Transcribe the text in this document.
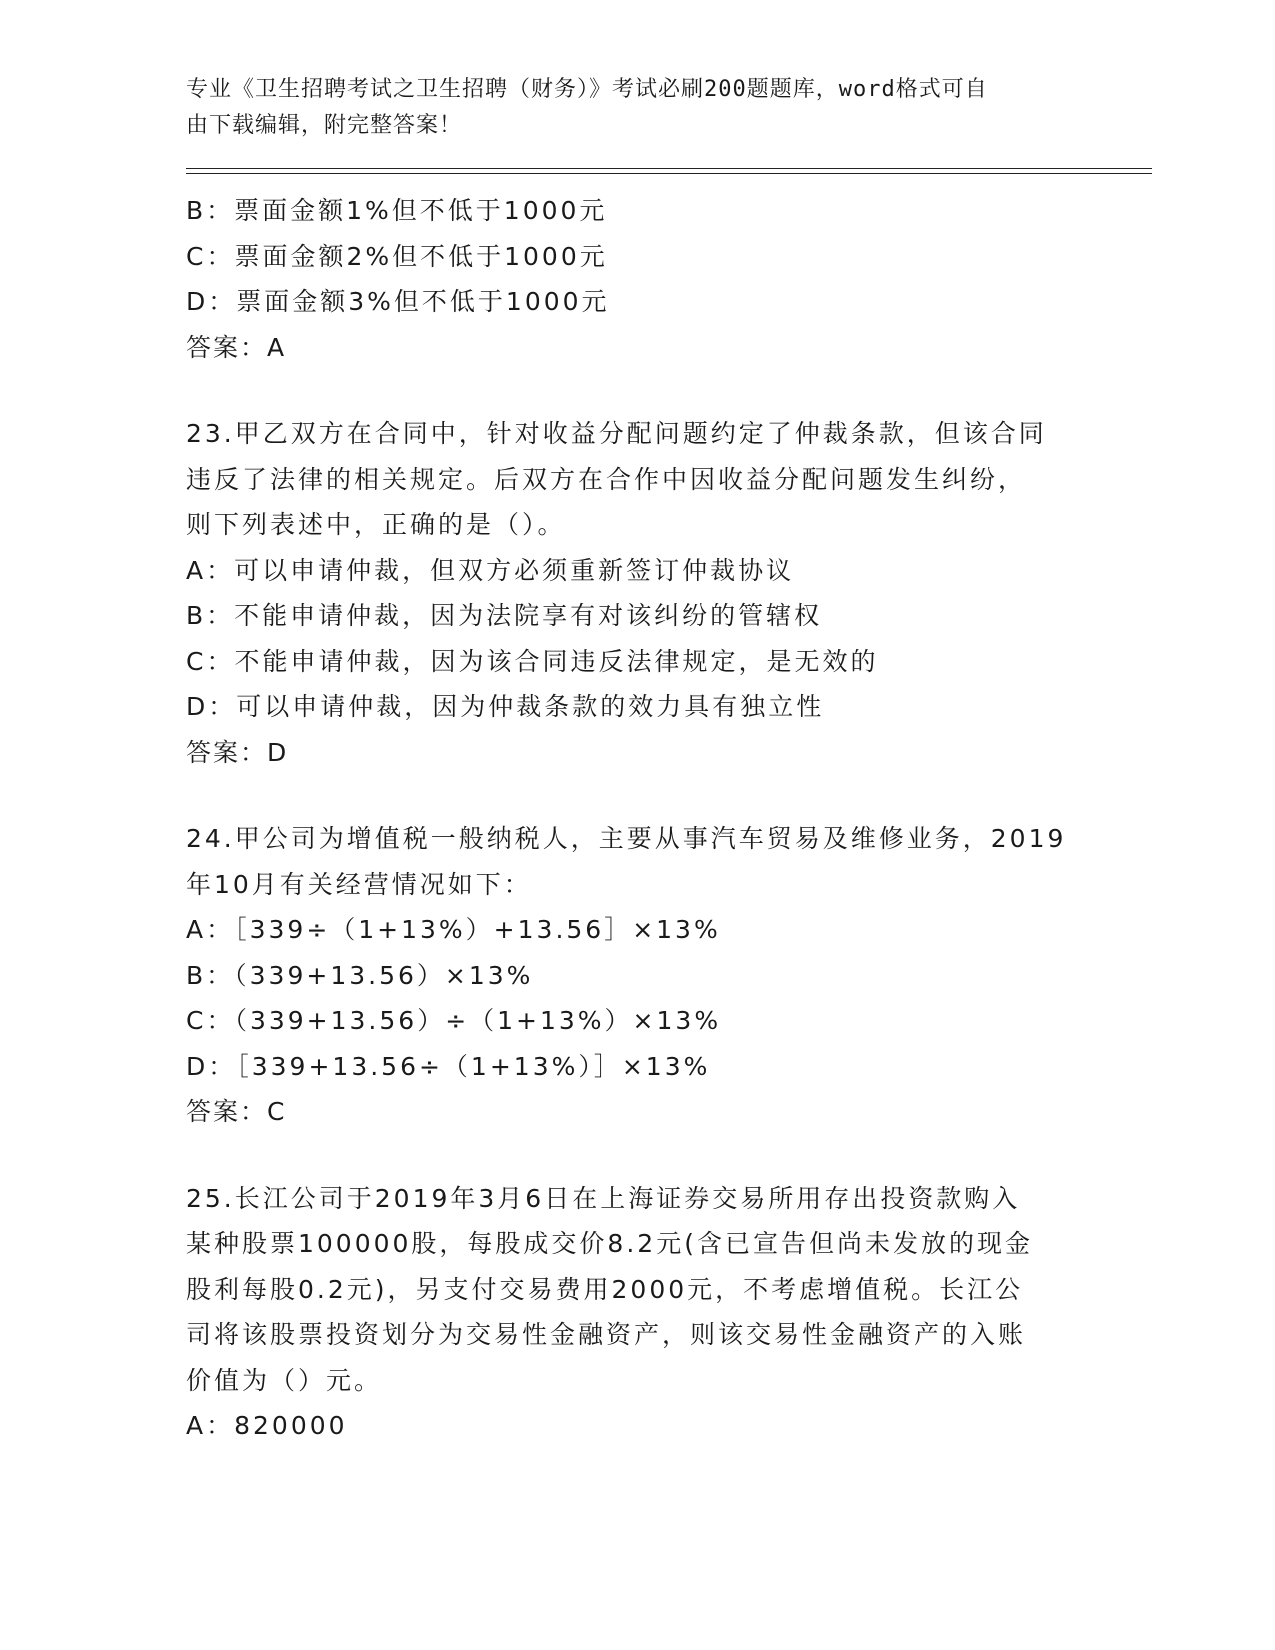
专业《卫生招聘考试之卫生招聘（财务）》考试必刷200题题库，word格式可自
由下载编辑，附完整答案！
B：票面金额1%但不低于1000元
C：票面金额2%但不低于1000元
D：票面金额3%但不低于1000元
答案：A
23.甲乙双方在合同中，针对收益分配问题约定了仲裁条款，但该合同
违反了法律的相关规定。后双方在合作中因收益分配问题发生纠纷，
则下列表述中，正确的是（）。
A：可以申请仲裁，但双方必须重新签订仲裁协议
B：不能申请仲裁，因为法院享有对该纠纷的管辖权
C：不能申请仲裁，因为该合同违反法律规定，是无效的
D：可以申请仲裁，因为仲裁条款的效力具有独立性
答案：D
24.甲公司为增值税一般纳税人，主要从事汽车贸易及维修业务，2019
年10月有关经营情况如下：
A：［339÷（1+13%）+13.56］×13%
B：（339+13.56）×13%
C：（339+13.56）÷（1+13%）×13%
D：［339+13.56÷（1+13%）］×13%
答案：C
25.长江公司于2019年3月6日在上海证券交易所用存出投资款购入
某种股票100000股，每股成交价8.2元(含已宣告但尚未发放的现金
股利每股0.2元)，另支付交易费用2000元，不考虑增值税。长江公
司将该股票投资划分为交易性金融资产，则该交易性金融资产的入账
价值为（）元。
A：820000
